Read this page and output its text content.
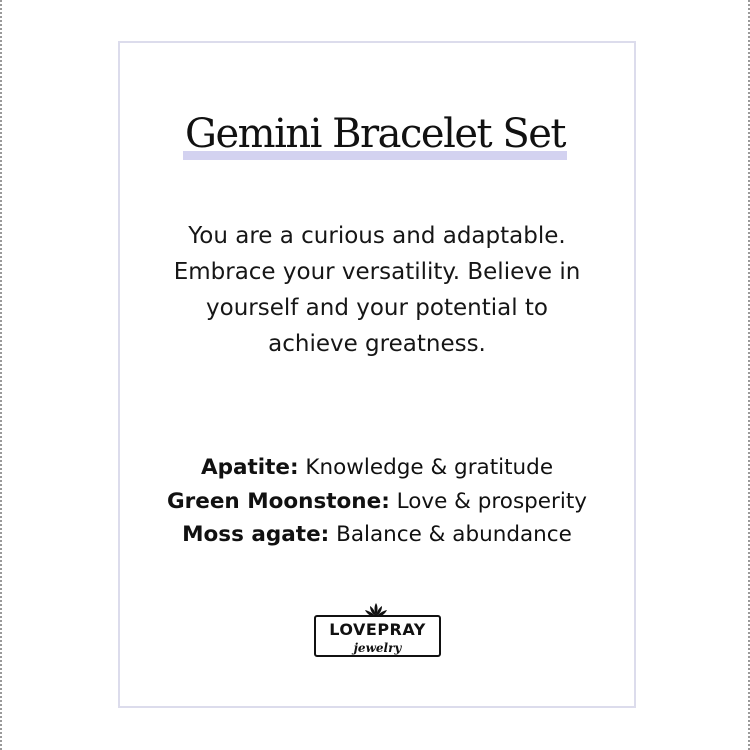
Gemini Bracelet Set
You are a curious and adaptable. Embrace your versatility. Believe in yourself and your potential to achieve greatness.
Apatite: Knowledge & gratitude
Green Moonstone: Love & prosperity
Moss agate: Balance & abundance
LOVEPRAY
jewelry
